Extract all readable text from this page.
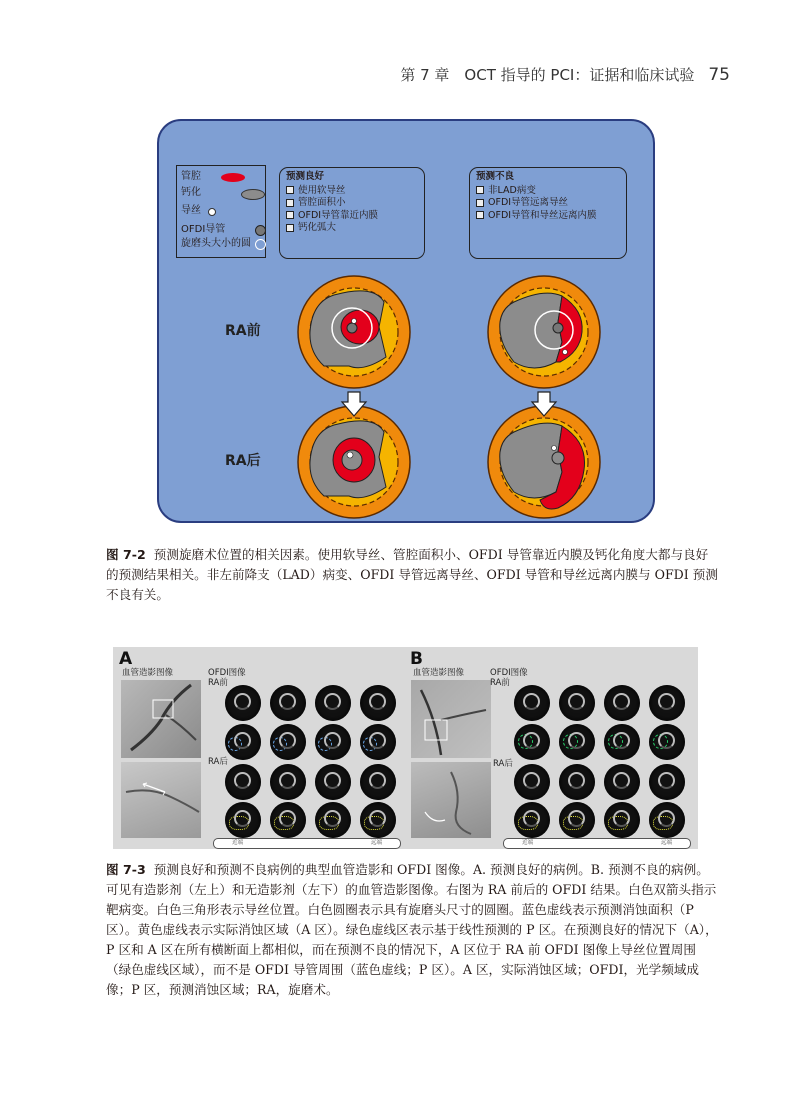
第 7 章　OCT 指导的 PCI：证据和临床试验 75
管腔
钙化
导丝
OFDI导管
旋磨头大小的圆
预测良好
使用软导丝
管腔面积小
OFDI导管靠近内膜
钙化弧大
预测不良
非LAD病变
OFDI导管远离导丝
OFDI导管和导丝远离内膜
RA前
RA后
图 7-2 预测旋磨术位置的相关因素。使用软导丝、管腔面积小、OFDI 导管靠近内膜及钙化角度大都与良好的预测结果相关。非左前降支（LAD）病变、OFDI 导管远离导丝、OFDI 导管和导丝远离内膜与 OFDI 预测不良有关。
A
血管造影图像	OFDI图像
RA前
RA后
近端	远端
B
血管造影图像	OFDI图像
RA前
RA后
近端	远端
图 7-3 预测良好和预测不良病例的典型血管造影和 OFDI 图像。A. 预测良好的病例。B. 预测不良的病例。可见有造影剂（左上）和无造影剂（左下）的血管造影图像。右图为 RA 前后的 OFDI 结果。白色双箭头指示靶病变。白色三角形表示导丝位置。白色圆圈表示具有旋磨头尺寸的圆圈。蓝色虚线表示预测消蚀面积（P 区）。黄色虚线表示实际消蚀区域（A 区）。绿色虚线区表示基于线性预测的 P 区。在预测良好的情况下（A），P 区和 A 区在所有横断面上都相似，而在预测不良的情况下，A 区位于 RA 前 OFDI 图像上导丝位置周围（绿色虚线区域），而不是 OFDI 导管周围（蓝色虚线；P 区）。A 区，实际消蚀区域；OFDI，光学频域成像；P 区，预测消蚀区域；RA，旋磨术。
